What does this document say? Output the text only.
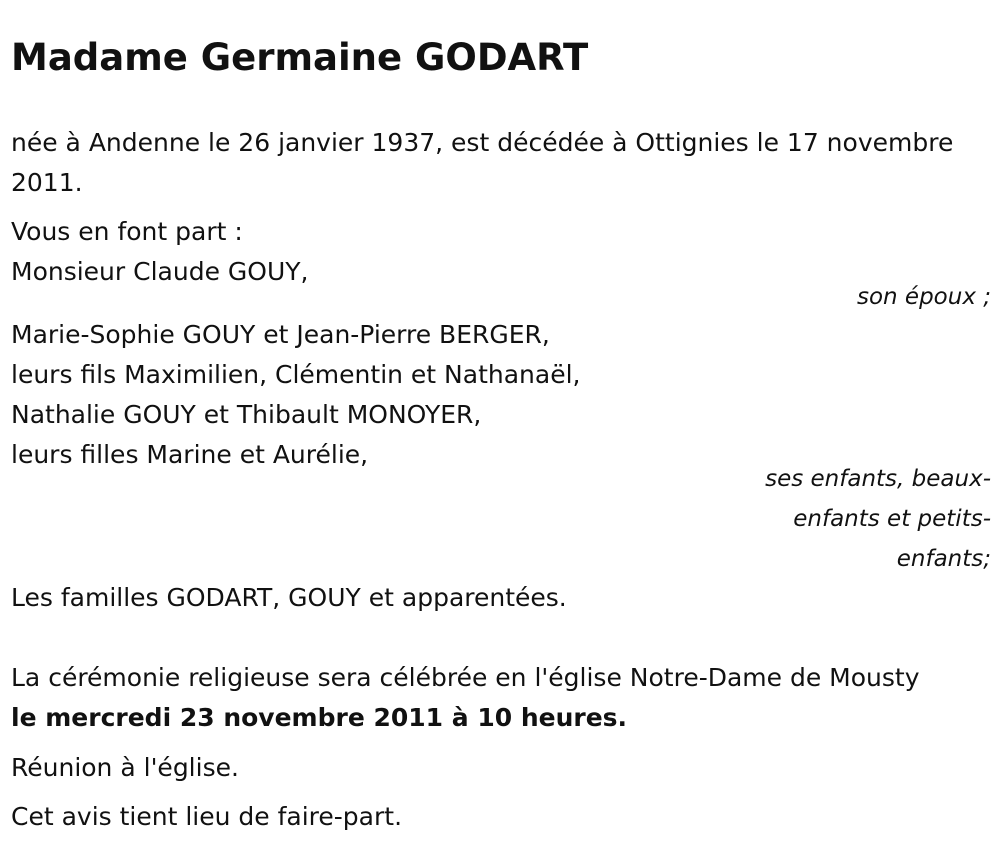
Madame Germaine GODART
née à Andenne le 26 janvier 1937, est décédée à Ottignies le 17 novembre
2011.
Vous en font part :
Monsieur Claude GOUY,
son époux ;
Marie-Sophie GOUY et Jean-Pierre BERGER,
leurs fils Maximilien, Clémentin et Nathanaël,
Nathalie GOUY et Thibault MONOYER,
leurs filles Marine et Aurélie,
ses enfants, beaux-
enfants et petits-
enfants;
Les familles GODART, GOUY et apparentées.
La cérémonie religieuse sera célébrée en l'église Notre-Dame de Mousty
le mercredi 23 novembre 2011 à 10 heures.
Réunion à l'église.
Cet avis tient lieu de faire-part.
